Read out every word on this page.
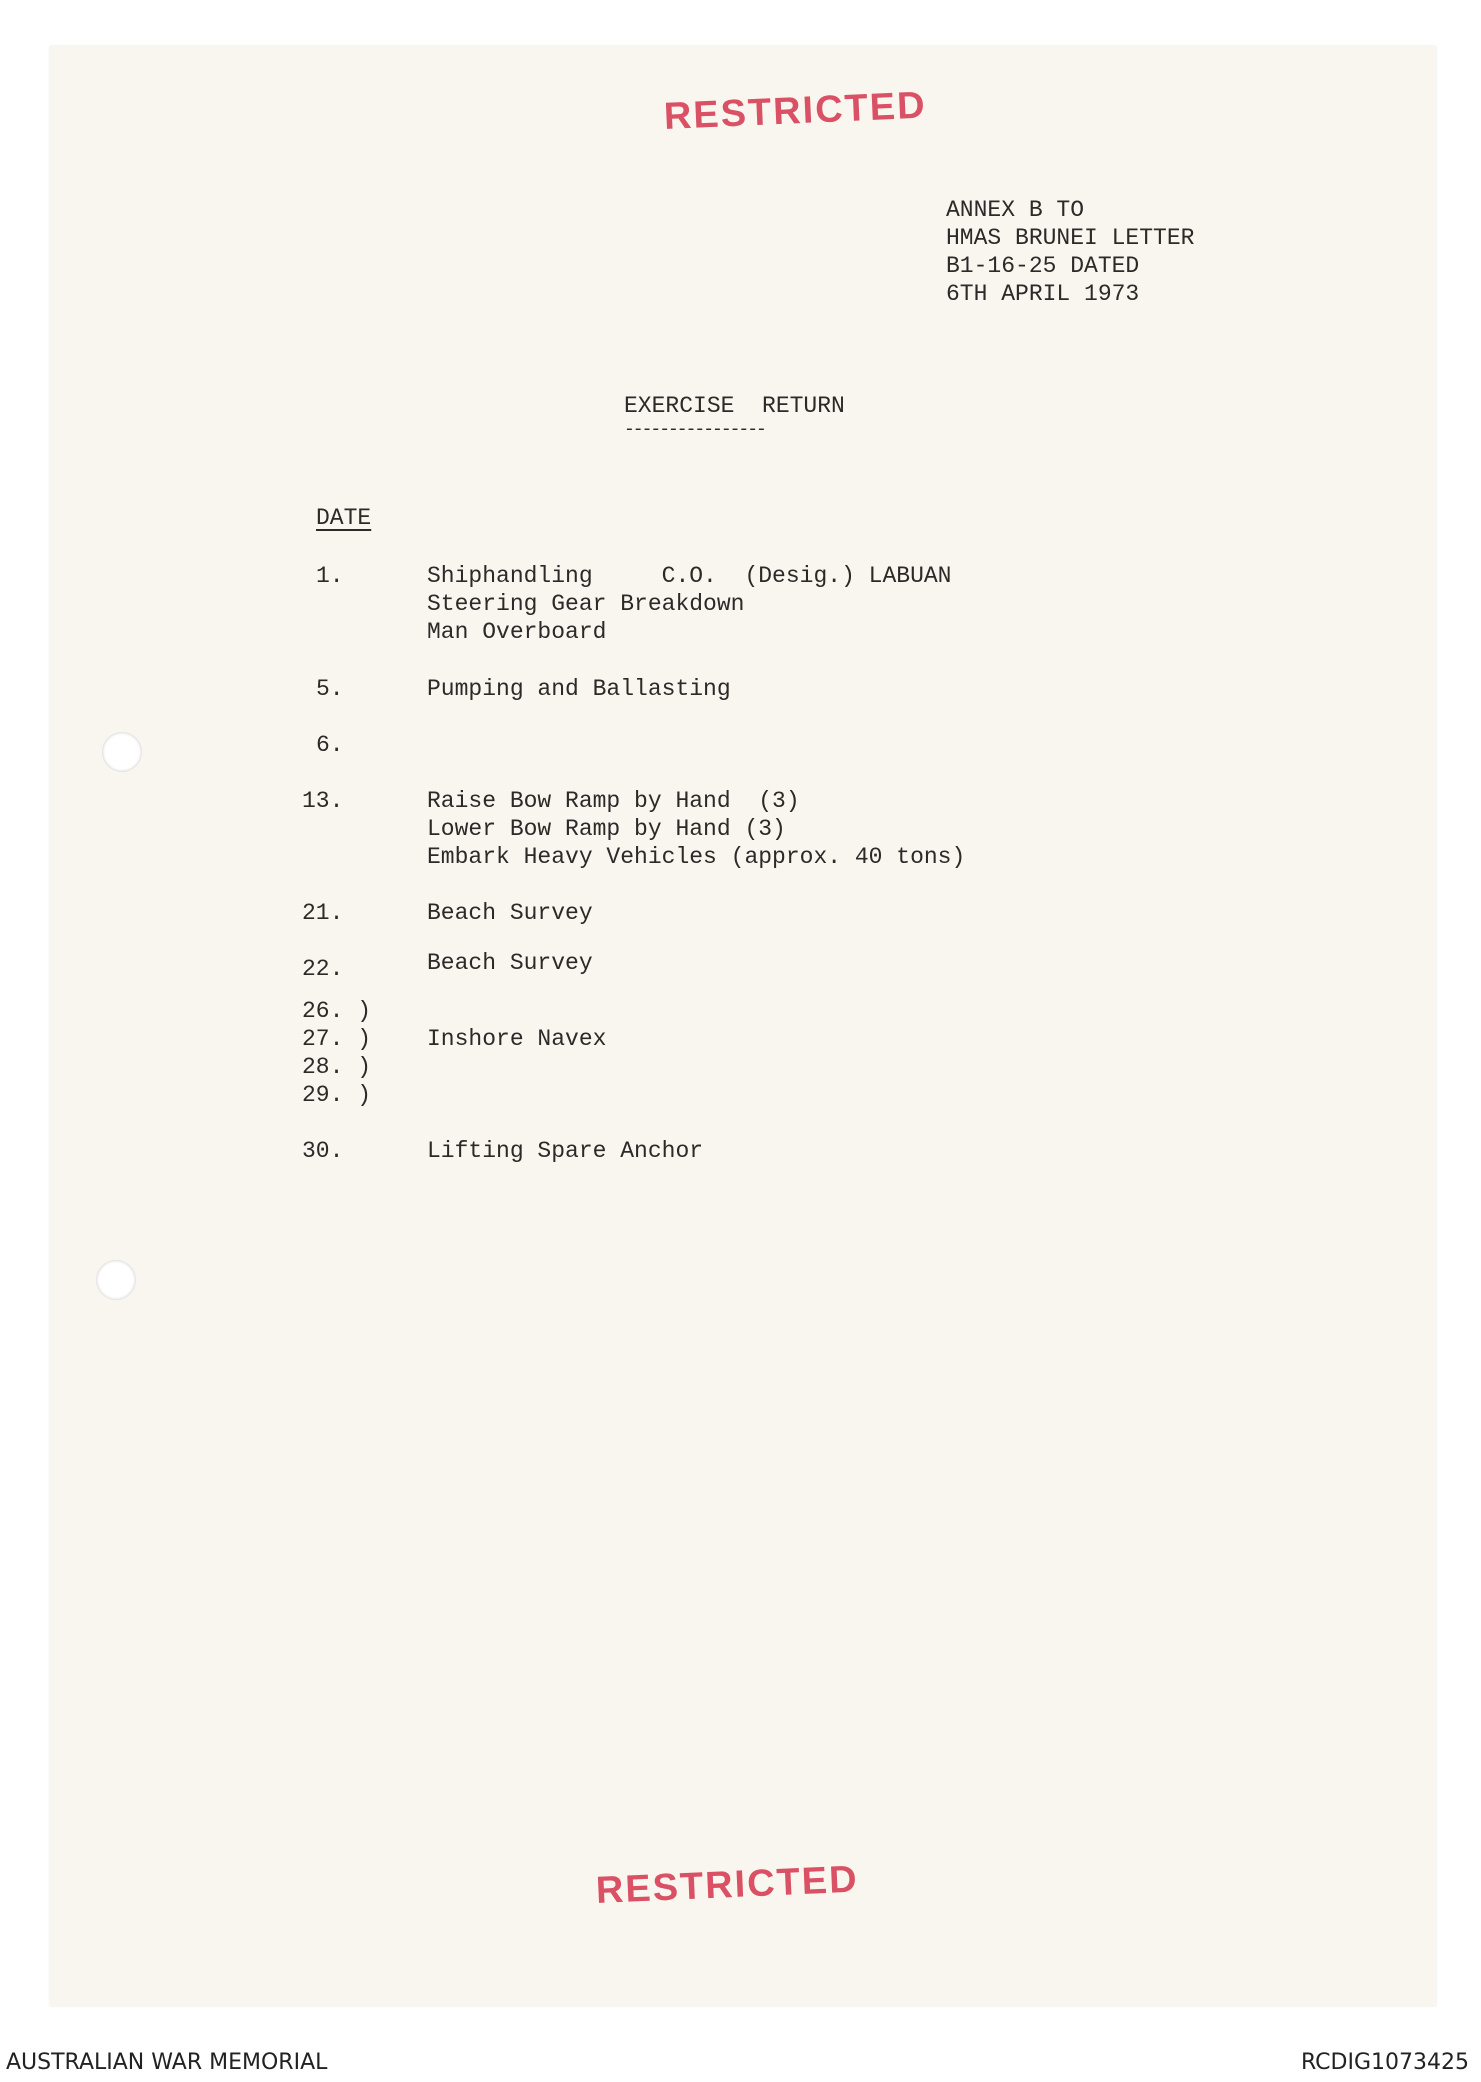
RESTRICTED
ANNEX B TO
HMAS BRUNEI LETTER
B1-16-25 DATED
6TH APRIL 1973
EXERCISE  RETURN
----------------
DATE
1.	Shiphandling     C.O.  (Desig.) LABUAN
Steering Gear Breakdown
Man Overboard
5.	Pumping and Ballasting
6.
13.	Raise Bow Ramp by Hand  (3)
Lower Bow Ramp by Hand (3)
Embark Heavy Vehicles (approx. 40 tons)
21.	Beach Survey
22.	Beach Survey
26. )
27. ) Inshore Navex
28. )
29. )
30.	Lifting Spare Anchor
RESTRICTED
AUSTRALIAN WAR MEMORIAL	RCDIG1073425
